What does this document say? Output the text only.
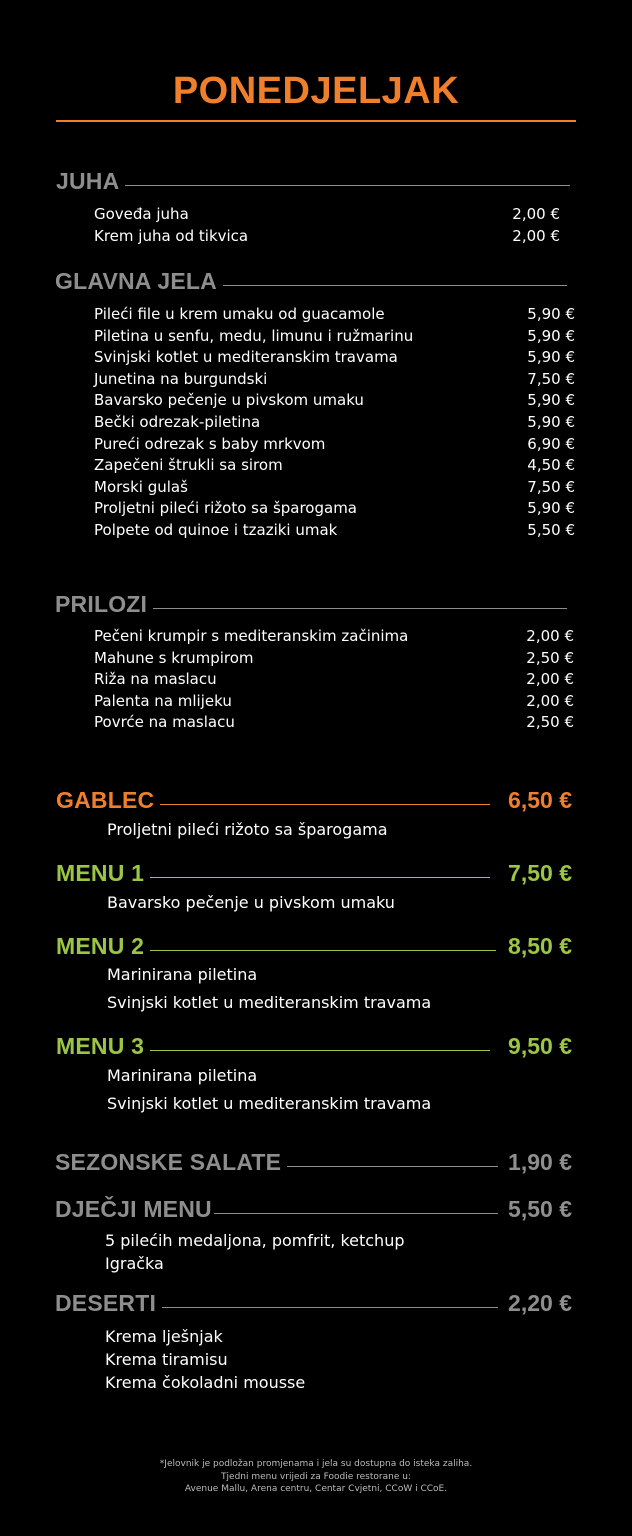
PONEDJELJAK
JUHA
Goveđa juha	2,00 €
Krem juha od tikvica	2,00 €
GLAVNA JELA
Pileći file u krem umaku od guacamole	5,90 €
Piletina u senfu, medu, limunu i ružmarinu	5,90 €
Svinjski kotlet u mediteranskim travama	5,90 €
Junetina na burgundski	7,50 €
Bavarsko pečenje u pivskom umaku	5,90 €
Bečki odrezak-piletina	5,90 €
Pureći odrezak s baby mrkvom	6,90 €
Zapečeni štrukli sa sirom	4,50 €
Morski gulaš	7,50 €
Proljetni pileći rižoto sa šparogama	5,90 €
Polpete od quinoe i tzaziki umak	5,50 €
PRILOZI
Pečeni krumpir s mediteranskim začinima	2,00 €
Mahune s krumpirom	2,50 €
Riža na maslacu	2,00 €
Palenta na mlijeku	2,00 €
Povrće na maslacu	2,50 €
GABLEC	6,50 €
Proljetni pileći rižoto sa šparogama
MENU 1	7,50 €
Bavarsko pečenje u pivskom umaku
MENU 2	8,50 €
Marinirana piletina
Svinjski kotlet u mediteranskim travama
MENU 3	9,50 €
Marinirana piletina
Svinjski kotlet u mediteranskim travama
SEZONSKE SALATE	1,90 €
DJEČJI MENU	5,50 €
5 pilećih medaljona, pomfrit, ketchup
Igračka
DESERTI	2,20 €
Krema lješnjak
Krema tiramisu
Krema čokoladni mousse
*Jelovnik je podložan promjenama i jela su dostupna do isteka zaliha.
Tjedni menu vrijedi za Foodie restorane u:
Avenue Mallu, Arena centru, Centar Cvjetni, CCoW i CCoE.
